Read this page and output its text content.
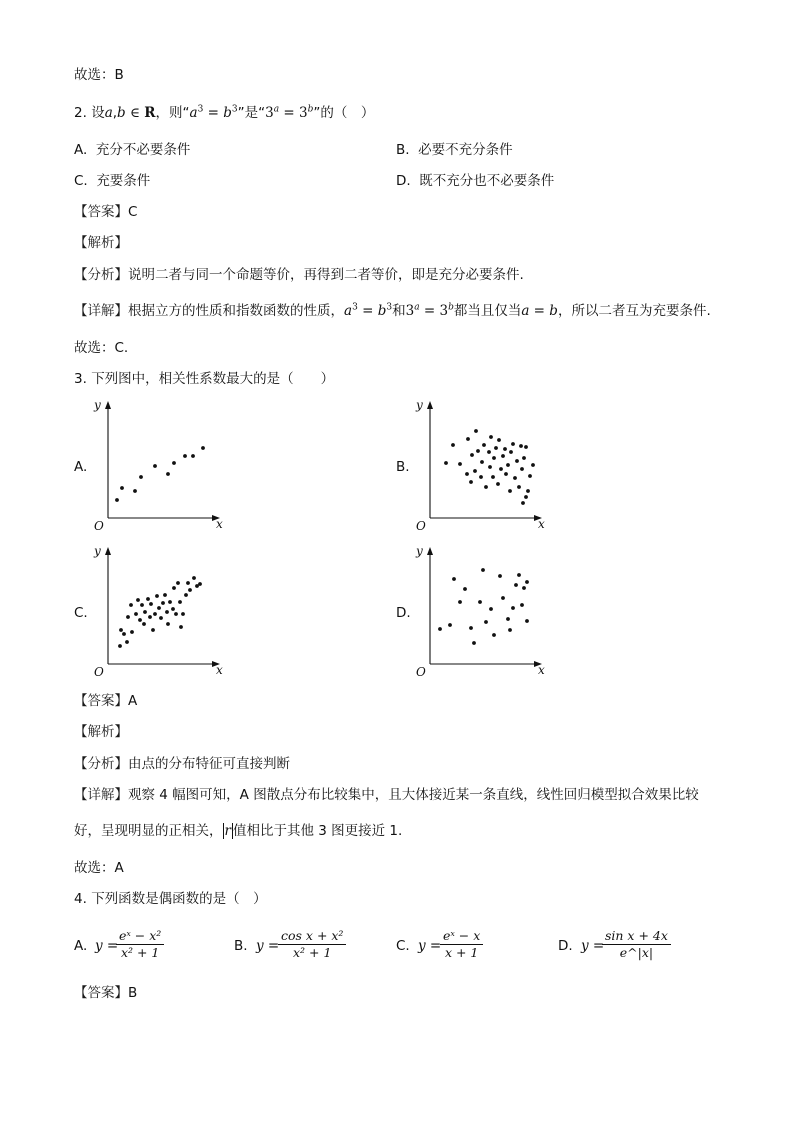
故选：B
2. 设a,b ∈ R，则“$a^3 = b^3$”是“$3^a = 3^b$”的（　）
A. 充分不必要条件	B. 必要不充分条件
C. 充要条件	D. 既不充分也不必要条件
【答案】C
【解析】
【分析】说明二者与同一个命题等价，再得到二者等价，即是充分必要条件.
【详解】根据立方的性质和指数函数的性质，$a^3 = b^3$和$3^a = 3^b$都当且仅当a = b，所以二者互为充要条件.
故选：C.
3. 下列图中，相关性系数最大的是（　　）
A.	B.
C.	D.
x
y
O	x
y
O
x
y
O	x
y
O
【答案】A
【解析】
【分析】由点的分布特征可直接判断
【详解】观察 4 幅图可知，A 图散点分布比较集中，且大体接近某一条直线，线性回归模型拟合效果比较
好，呈现明显的正相关， r 值相比于其他 3 图更接近 1.
故选：A
4. 下列函数是偶函数的是（　）
A. y =
$\frac{\text{eˣ − x²}}{\text{x² + 1}}$	B. y =
$\frac{\text{cos x + x²}}{\text{x² + 1}}$	C. y =
$\frac{\text{eˣ − x}}{x + 1}$	D. y =
$\frac{\text{sin x + 4x}}{e\^{}|x|}$
【答案】B
